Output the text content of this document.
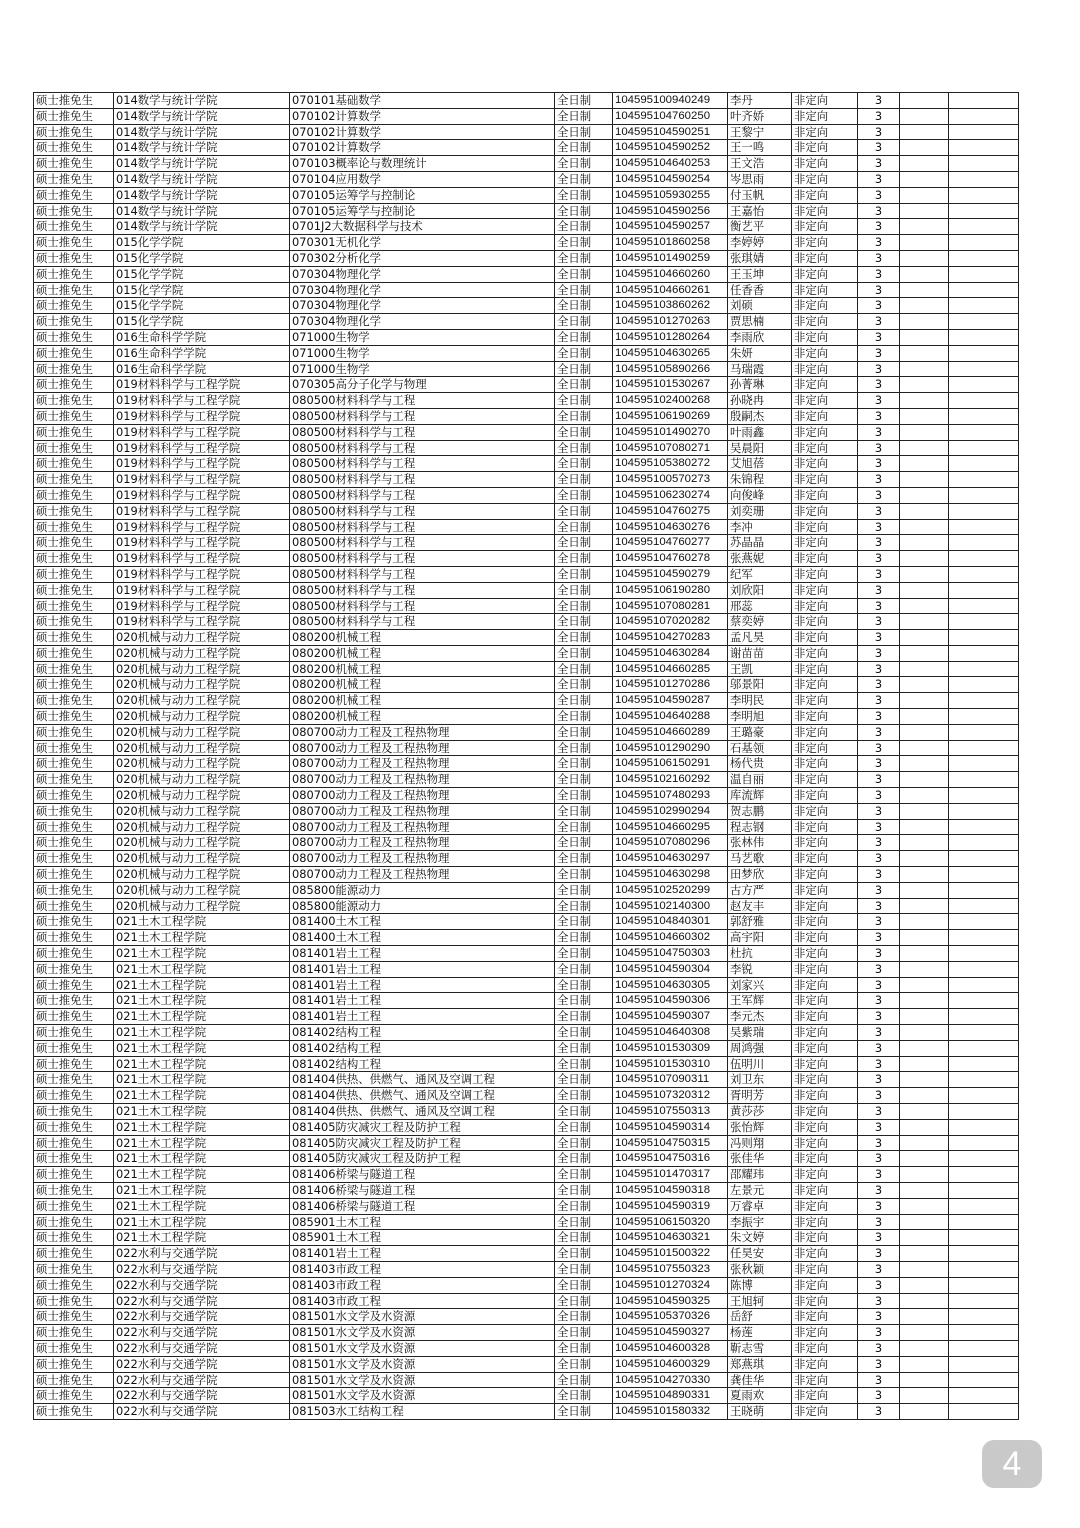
硕士推免生	014数学与统计学院	070101基础数学	全日制	104595100940249	李丹	非定向	3		
硕士推免生	014数学与统计学院	070102计算数学	全日制	104595104760250	叶齐娇	非定向	3		
硕士推免生	014数学与统计学院	070102计算数学	全日制	104595104590251	王黎宁	非定向	3		
硕士推免生	014数学与统计学院	070102计算数学	全日制	104595104590252	王一鸣	非定向	3		
硕士推免生	014数学与统计学院	070103概率论与数理统计	全日制	104595104640253	王文浩	非定向	3		
硕士推免生	014数学与统计学院	070104应用数学	全日制	104595104590254	岑思雨	非定向	3		
硕士推免生	014数学与统计学院	070105运筹学与控制论	全日制	104595105930255	付玉帆	非定向	3		
硕士推免生	014数学与统计学院	070105运筹学与控制论	全日制	104595104590256	王嘉怡	非定向	3		
硕士推免生	014数学与统计学院	0701J2大数据科学与技术	全日制	104595104590257	衡艺平	非定向	3		
硕士推免生	015化学学院	070301无机化学	全日制	104595101860258	李婷婷	非定向	3		
硕士推免生	015化学学院	070302分析化学	全日制	104595101490259	张琪婧	非定向	3		
硕士推免生	015化学学院	070304物理化学	全日制	104595104660260	王玉坤	非定向	3		
硕士推免生	015化学学院	070304物理化学	全日制	104595104660261	任香香	非定向	3		
硕士推免生	015化学学院	070304物理化学	全日制	104595103860262	刘硕	非定向	3		
硕士推免生	015化学学院	070304物理化学	全日制	104595101270263	贾思楠	非定向	3		
硕士推免生	016生命科学学院	071000生物学	全日制	104595101280264	李雨欣	非定向	3		
硕士推免生	016生命科学学院	071000生物学	全日制	104595104630265	朱妍	非定向	3		
硕士推免生	016生命科学学院	071000生物学	全日制	104595105890266	马瑞霞	非定向	3		
硕士推免生	019材料科学与工程学院	070305高分子化学与物理	全日制	104595101530267	孙菁琳	非定向	3		
硕士推免生	019材料科学与工程学院	080500材料科学与工程	全日制	104595102400268	孙晓冉	非定向	3		
硕士推免生	019材料科学与工程学院	080500材料科学与工程	全日制	104595106190269	殷嗣杰	非定向	3		
硕士推免生	019材料科学与工程学院	080500材料科学与工程	全日制	104595101490270	叶雨鑫	非定向	3		
硕士推免生	019材料科学与工程学院	080500材料科学与工程	全日制	104595107080271	吴晨阳	非定向	3		
硕士推免生	019材料科学与工程学院	080500材料科学与工程	全日制	104595105380272	艾旭蓓	非定向	3		
硕士推免生	019材料科学与工程学院	080500材料科学与工程	全日制	104595100570273	朱锦程	非定向	3		
硕士推免生	019材料科学与工程学院	080500材料科学与工程	全日制	104595106230274	向俊峰	非定向	3		
硕士推免生	019材料科学与工程学院	080500材料科学与工程	全日制	104595104760275	刘奕珊	非定向	3		
硕士推免生	019材料科学与工程学院	080500材料科学与工程	全日制	104595104630276	李冲	非定向	3		
硕士推免生	019材料科学与工程学院	080500材料科学与工程	全日制	104595104760277	苏晶晶	非定向	3		
硕士推免生	019材料科学与工程学院	080500材料科学与工程	全日制	104595104760278	张燕妮	非定向	3		
硕士推免生	019材料科学与工程学院	080500材料科学与工程	全日制	104595104590279	纪军	非定向	3		
硕士推免生	019材料科学与工程学院	080500材料科学与工程	全日制	104595106190280	刘欣阳	非定向	3		
硕士推免生	019材料科学与工程学院	080500材料科学与工程	全日制	104595107080281	邢蕊	非定向	3		
硕士推免生	019材料科学与工程学院	080500材料科学与工程	全日制	104595107020282	蔡奕婷	非定向	3		
硕士推免生	020机械与动力工程学院	080200机械工程	全日制	104595104270283	孟凡昊	非定向	3		
硕士推免生	020机械与动力工程学院	080200机械工程	全日制	104595104630284	谢苗苗	非定向	3		
硕士推免生	020机械与动力工程学院	080200机械工程	全日制	104595104660285	王凯	非定向	3		
硕士推免生	020机械与动力工程学院	080200机械工程	全日制	104595101270286	邬景阳	非定向	3		
硕士推免生	020机械与动力工程学院	080200机械工程	全日制	104595104590287	李明民	非定向	3		
硕士推免生	020机械与动力工程学院	080200机械工程	全日制	104595104640288	李明旭	非定向	3		
硕士推免生	020机械与动力工程学院	080700动力工程及工程热物理	全日制	104595104660289	王璐豪	非定向	3		
硕士推免生	020机械与动力工程学院	080700动力工程及工程热物理	全日制	104595101290290	石基领	非定向	3		
硕士推免生	020机械与动力工程学院	080700动力工程及工程热物理	全日制	104595106150291	杨代贵	非定向	3		
硕士推免生	020机械与动力工程学院	080700动力工程及工程热物理	全日制	104595102160292	温自丽	非定向	3		
硕士推免生	020机械与动力工程学院	080700动力工程及工程热物理	全日制	104595107480293	库流辉	非定向	3		
硕士推免生	020机械与动力工程学院	080700动力工程及工程热物理	全日制	104595102990294	贺志鹏	非定向	3		
硕士推免生	020机械与动力工程学院	080700动力工程及工程热物理	全日制	104595104660295	程志钢	非定向	3		
硕士推免生	020机械与动力工程学院	080700动力工程及工程热物理	全日制	104595107080296	张林伟	非定向	3		
硕士推免生	020机械与动力工程学院	080700动力工程及工程热物理	全日制	104595104630297	马艺歌	非定向	3		
硕士推免生	020机械与动力工程学院	080700动力工程及工程热物理	全日制	104595104630298	田梦欣	非定向	3		
硕士推免生	020机械与动力工程学院	085800能源动力	全日制	104595102520299	古方严	非定向	3		
硕士推免生	020机械与动力工程学院	085800能源动力	全日制	104595102140300	赵友丰	非定向	3		
硕士推免生	021土木工程学院	081400土木工程	全日制	104595104840301	郭舒雅	非定向	3		
硕士推免生	021土木工程学院	081400土木工程	全日制	104595104660302	高宇阳	非定向	3		
硕士推免生	021土木工程学院	081401岩土工程	全日制	104595104750303	杜抗	非定向	3		
硕士推免生	021土木工程学院	081401岩土工程	全日制	104595104590304	李锐	非定向	3		
硕士推免生	021土木工程学院	081401岩土工程	全日制	104595104630305	刘家兴	非定向	3		
硕士推免生	021土木工程学院	081401岩土工程	全日制	104595104590306	王军辉	非定向	3		
硕士推免生	021土木工程学院	081401岩土工程	全日制	104595104590307	李元杰	非定向	3		
硕士推免生	021土木工程学院	081402结构工程	全日制	104595104640308	吴紫瑞	非定向	3		
硕士推免生	021土木工程学院	081402结构工程	全日制	104595101530309	周鸿强	非定向	3		
硕士推免生	021土木工程学院	081402结构工程	全日制	104595101530310	伍明川	非定向	3		
硕士推免生	021土木工程学院	081404供热、供燃气、通风及空调工程	全日制	104595107090311	刘卫东	非定向	3		
硕士推免生	021土木工程学院	081404供热、供燃气、通风及空调工程	全日制	104595107320312	胥明芳	非定向	3		
硕士推免生	021土木工程学院	081404供热、供燃气、通风及空调工程	全日制	104595107550313	黄莎莎	非定向	3		
硕士推免生	021土木工程学院	081405防灾减灾工程及防护工程	全日制	104595104590314	张怡辉	非定向	3		
硕士推免生	021土木工程学院	081405防灾减灾工程及防护工程	全日制	104595104750315	冯则翔	非定向	3		
硕士推免生	021土木工程学院	081405防灾减灾工程及防护工程	全日制	104595104750316	张佳华	非定向	3		
硕士推免生	021土木工程学院	081406桥梁与隧道工程	全日制	104595101470317	邵耀玮	非定向	3		
硕士推免生	021土木工程学院	081406桥梁与隧道工程	全日制	104595104590318	左景元	非定向	3		
硕士推免生	021土木工程学院	081406桥梁与隧道工程	全日制	104595104590319	万睿卓	非定向	3		
硕士推免生	021土木工程学院	085901土木工程	全日制	104595106150320	李振宇	非定向	3		
硕士推免生	021土木工程学院	085901土木工程	全日制	104595104630321	朱文婷	非定向	3		
硕士推免生	022水利与交通学院	081401岩土工程	全日制	104595101500322	任昊安	非定向	3		
硕士推免生	022水利与交通学院	081403市政工程	全日制	104595107550323	张秋颖	非定向	3		
硕士推免生	022水利与交通学院	081403市政工程	全日制	104595101270324	陈博	非定向	3		
硕士推免生	022水利与交通学院	081403市政工程	全日制	104595104590325	王旭轲	非定向	3		
硕士推免生	022水利与交通学院	081501水文学及水资源	全日制	104595105370326	岳舒	非定向	3		
硕士推免生	022水利与交通学院	081501水文学及水资源	全日制	104595104590327	杨莲	非定向	3		
硕士推免生	022水利与交通学院	081501水文学及水资源	全日制	104595104600328	靳志雪	非定向	3		
硕士推免生	022水利与交通学院	081501水文学及水资源	全日制	104595104600329	郑燕琪	非定向	3		
硕士推免生	022水利与交通学院	081501水文学及水资源	全日制	104595104270330	龚佳华	非定向	3		
硕士推免生	022水利与交通学院	081501水文学及水资源	全日制	104595104890331	夏雨欢	非定向	3		
硕士推免生	022水利与交通学院	081503水工结构工程	全日制	104595101580332	王晓萌	非定向	3		
4
